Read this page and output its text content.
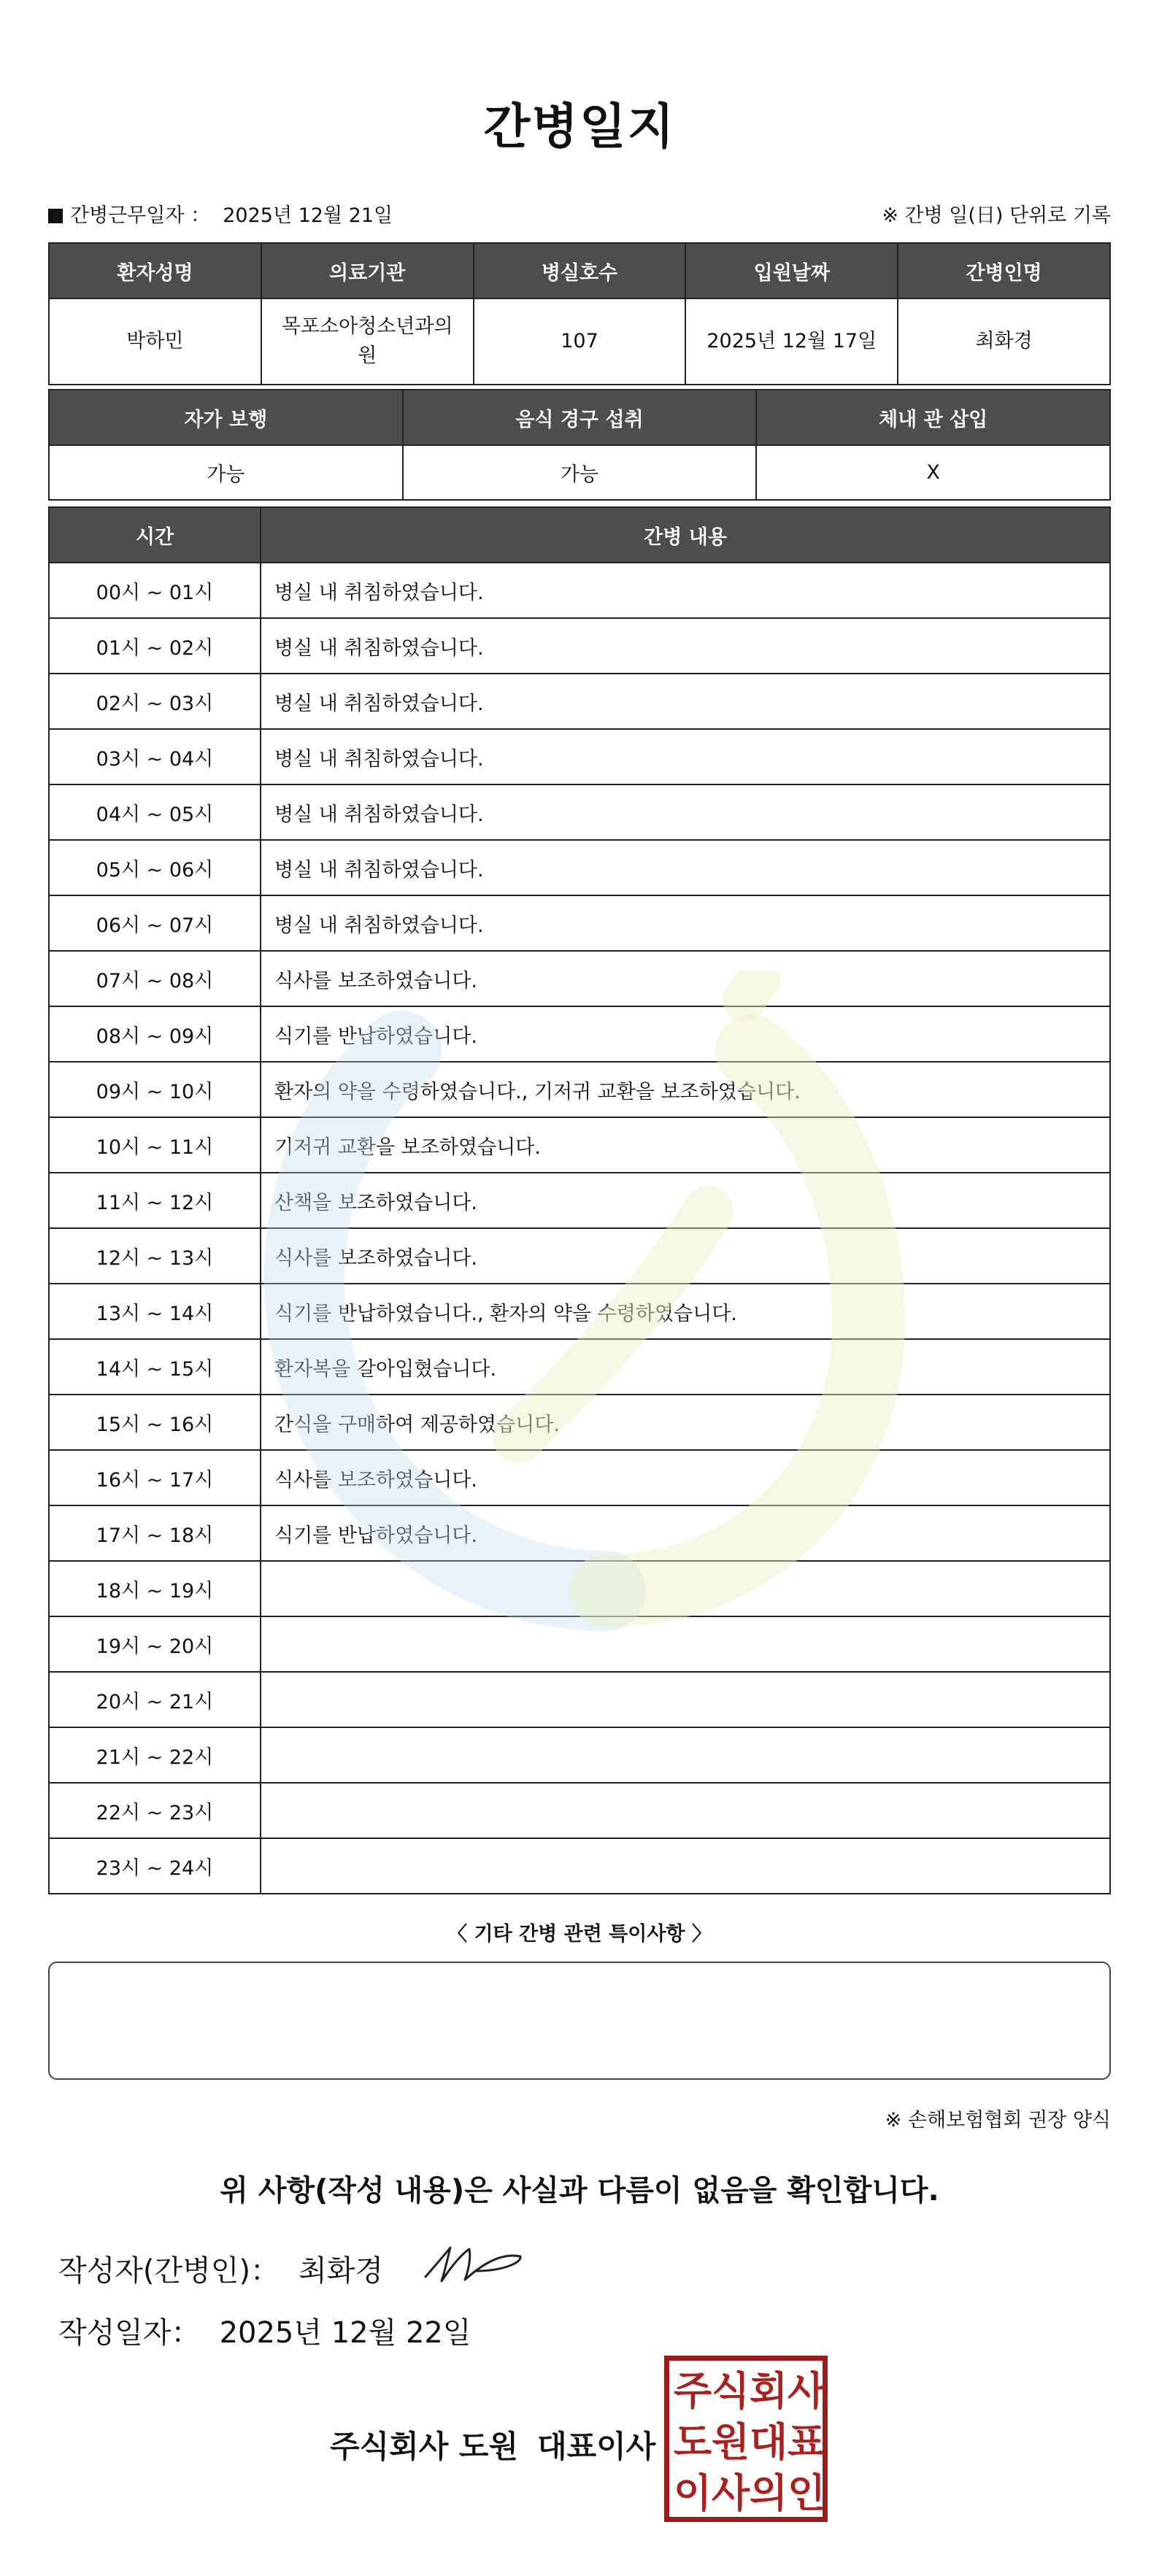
간병일지
간병근무일자 ： 2025년 12월 21일	※ 간병 일(日) 단위로 기록
환자성명	의료기관	병실호수	입원날짜	간병인명
박하민	목포소아청소년과의원	107	2025년 12월 17일	최화경
자가 보행	음식 경구 섭취	체내 관 삽입
가능	가능	X
시간	간병 내용
00시 ~ 01시	병실 내 취침하였습니다.
01시 ~ 02시	병실 내 취침하였습니다.
02시 ~ 03시	병실 내 취침하였습니다.
03시 ~ 04시	병실 내 취침하였습니다.
04시 ~ 05시	병실 내 취침하였습니다.
05시 ~ 06시	병실 내 취침하였습니다.
06시 ~ 07시	병실 내 취침하였습니다.
07시 ~ 08시	식사를 보조하였습니다.
08시 ~ 09시	식기를 반납하였습니다.
09시 ~ 10시	환자의 약을 수령하였습니다., 기저귀 교환을 보조하였습니다.
10시 ~ 11시	기저귀 교환을 보조하였습니다.
11시 ~ 12시	산책을 보조하였습니다.
12시 ~ 13시	식사를 보조하였습니다.
13시 ~ 14시	식기를 반납하였습니다., 환자의 약을 수령하였습니다.
14시 ~ 15시	환자복을 갈아입혔습니다.
15시 ~ 16시	간식을 구매하여 제공하였습니다.
16시 ~ 17시	식사를 보조하였습니다.
17시 ~ 18시	식기를 반납하였습니다.
18시 ~ 19시	
19시 ~ 20시	
20시 ~ 21시	
21시 ~ 22시	
22시 ~ 23시	
23시 ~ 24시	
〈 기타 간병 관련 특이사항 〉
※ 손해보험협회 권장 양식
위 사항(작성 내용)은 사실과 다름이 없음을 확인합니다.
작성자(간병인)： 최화경
작성일자： 2025년 12월 22일
주식회사 도원 대표이사
주 식 회 사
도 원 대 표
이 사 의 인
